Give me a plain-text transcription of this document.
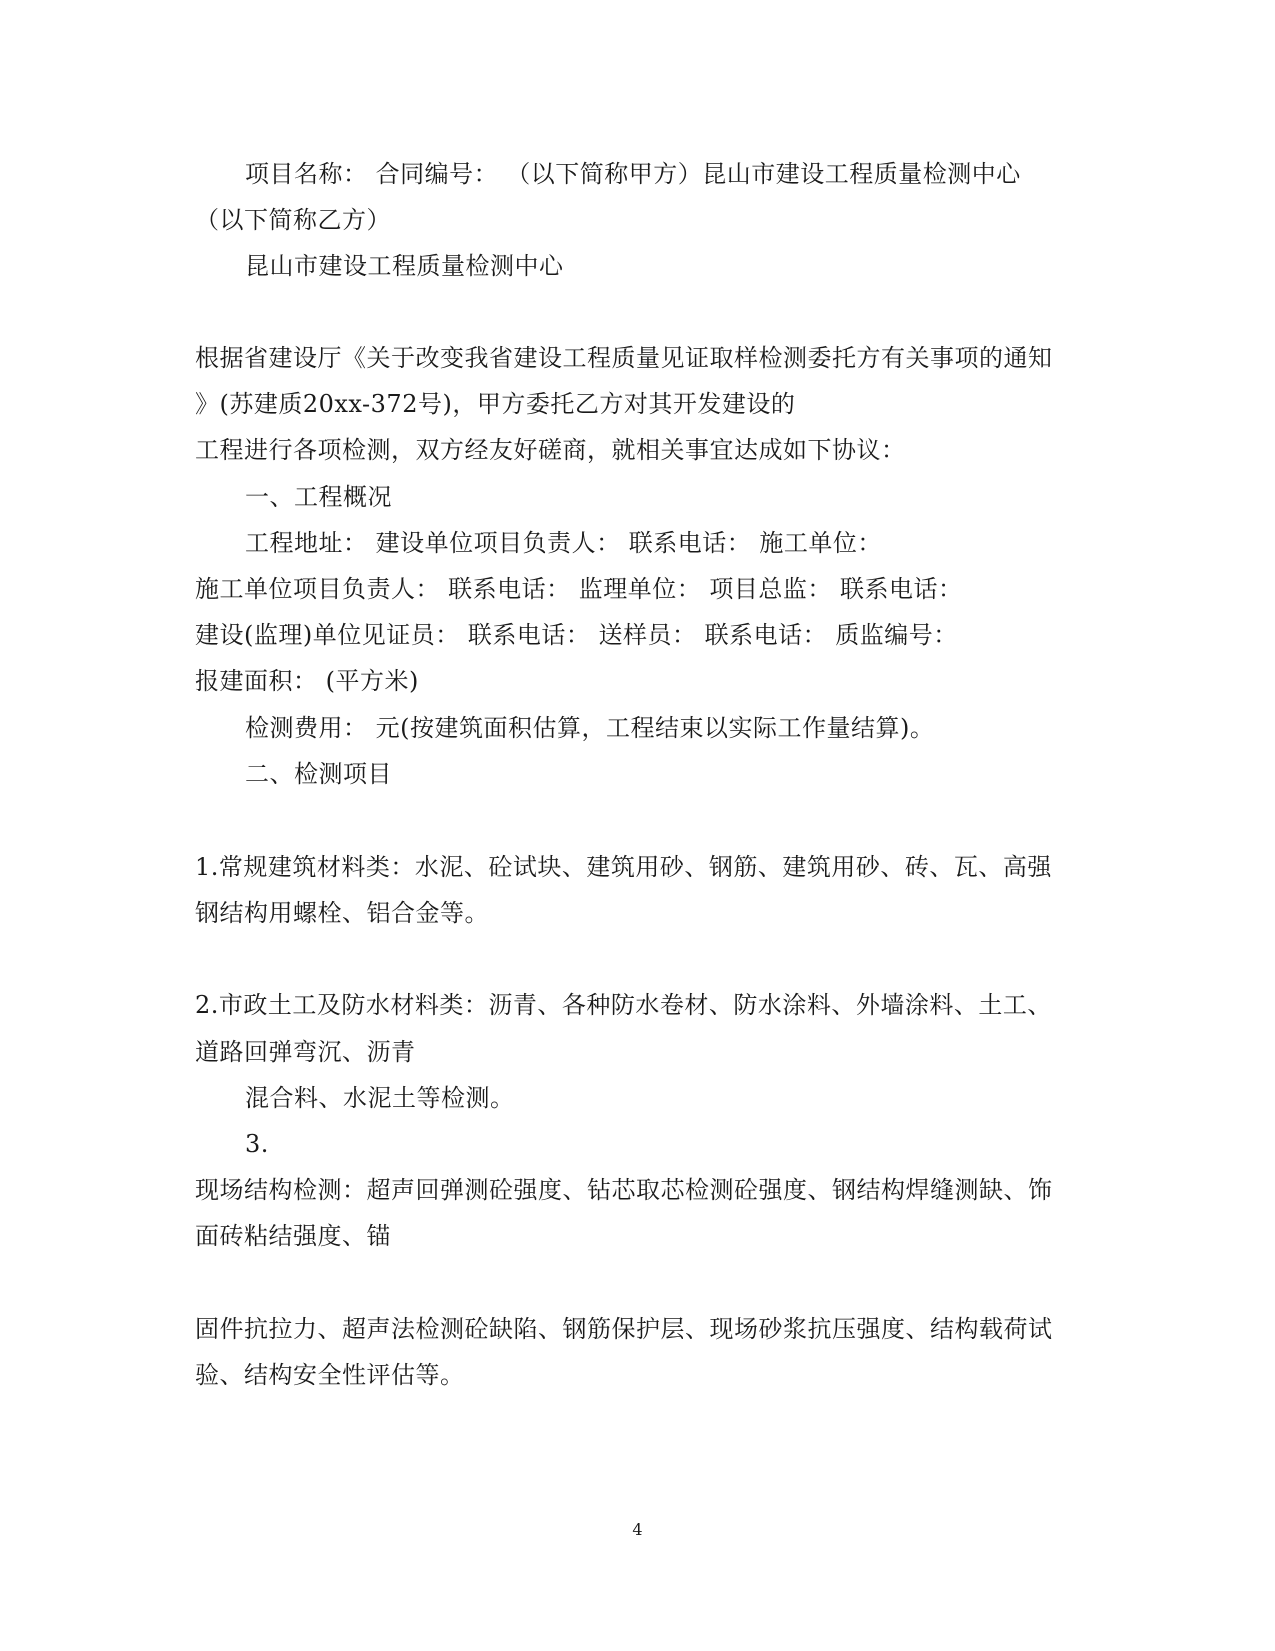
项目名称： 合同编号： （以下简称甲方）昆山市建设工程质量检测中心
（以下简称乙方）
昆山市建设工程质量检测中心
根据省建设厅《关于改变我省建设工程质量见证取样检测委托方有关事项的通知
》(苏建质20xx-372号)，甲方委托乙方对其开发建设的
工程进行各项检测，双方经友好磋商，就相关事宜达成如下协议：
一、工程概况
工程地址： 建设单位项目负责人： 联系电话： 施工单位：
施工单位项目负责人： 联系电话： 监理单位： 项目总监： 联系电话：
建设(监理)单位见证员： 联系电话： 送样员： 联系电话： 质监编号：
报建面积： (平方米)
检测费用： 元(按建筑面积估算，工程结束以实际工作量结算)。
二、检测项目
1.常规建筑材料类：水泥、砼试块、建筑用砂、钢筋、建筑用砂、砖、瓦、高强
钢结构用螺栓、铝合金等。
2.市政土工及防水材料类：沥青、各种防水卷材、防水涂料、外墙涂料、土工、
道路回弹弯沉、沥青
混合料、水泥土等检测。
3.
现场结构检测：超声回弹测砼强度、钻芯取芯检测砼强度、钢结构焊缝测缺、饰
面砖粘结强度、锚
固件抗拉力、超声法检测砼缺陷、钢筋保护层、现场砂浆抗压强度、结构载荷试
验、结构安全性评估等。
4
